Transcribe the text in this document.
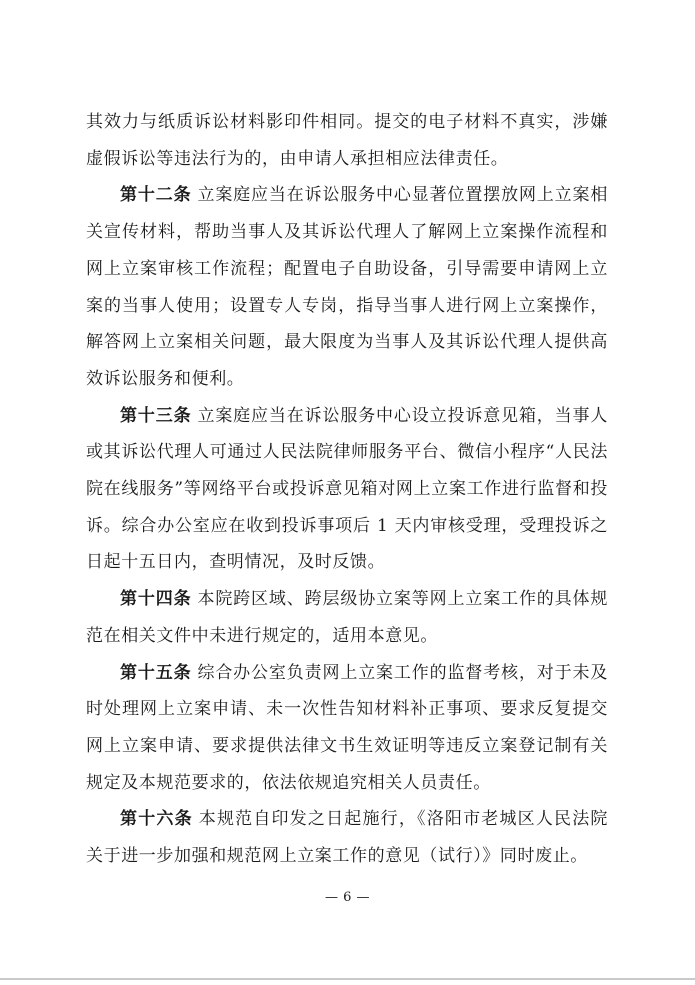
其效力与纸质诉讼材料影印件相同。提交的电子材料不真实，涉嫌虚假诉讼等违法行为的，由申请人承担相应法律责任。

第十二条 立案庭应当在诉讼服务中心显著位置摆放网上立案相关宣传材料，帮助当事人及其诉讼代理人了解网上立案操作流程和网上立案审核工作流程；配置电子自助设备，引导需要申请网上立案的当事人使用；设置专人专岗，指导当事人进行网上立案操作，解答网上立案相关问题，最大限度为当事人及其诉讼代理人提供高效诉讼服务和便利。

第十三条 立案庭应当在诉讼服务中心设立投诉意见箱，当事人或其诉讼代理人可通过人民法院律师服务平台、微信小程序“人民法院在线服务”等网络平台或投诉意见箱对网上立案工作进行监督和投诉。综合办公室应在收到投诉事项后 1 天内审核受理，受理投诉之日起十五日内，查明情况，及时反馈。

第十四条 本院跨区域、跨层级协立案等网上立案工作的具体规范在相关文件中未进行规定的，适用本意见。

第十五条 综合办公室负责网上立案工作的监督考核，对于未及时处理网上立案申请、未一次性告知材料补正事项、要求反复提交网上立案申请、要求提供法律文书生效证明等违反立案登记制有关规定及本规范要求的，依法依规追究相关人员责任。

第十六条 本规范自印发之日起施行，《洛阳市老城区人民法院关于进一步加强和规范网上立案工作的意见（试行）》同时废止。

— 6 —
